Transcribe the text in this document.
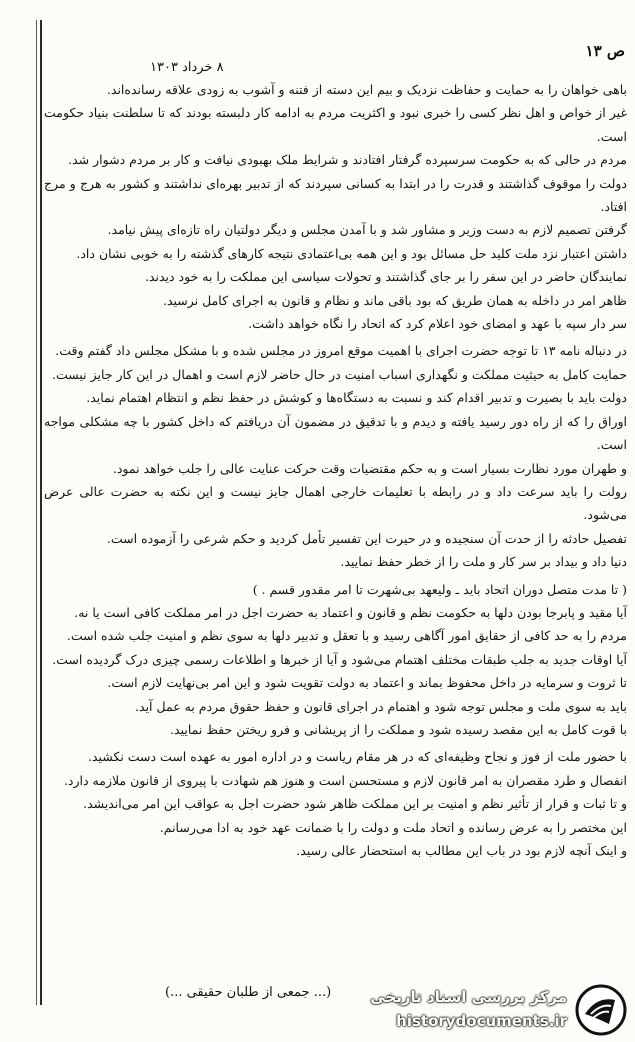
ص ۱۳
۸ خرداد ۱۳۰۳

باهی خواهان را به حمایت و حفاظت نزدیک و بیم این دسته از فتنه و آشوب به زودی علاقه رسانده‌اند.

غیر از خواص و اهل نظر کسی را خبری نبود و اکثریت مردم به ادامه کار دلبسته بودند که تا سلطنت بنیاد حکومت است.

مردم در حالی که به حکومت سرسپرده گرفتار افتادند و شرایط ملک بهبودی نیافت و کار بر مردم دشوار شد.

دولت را موقوف گذاشتند و قدرت را در ابتدا به کسانی سپردند که از تدبیر بهره‌ای نداشتند و کشور به هرج و مرج افتاد.

گرفتن تصمیم لازم به دست وزیر و مشاور شد و با آمدن مجلس و دیگر دولتیان راه تازه‌ای پیش نیامد.

داشتن اعتبار نزد ملت کلید حل مسائل بود و این همه بی‌اعتمادی نتیجه کارهای گذشته را به خوبی نشان داد.

نمایندگان حاضر در این سفر را بر جای گذاشتند و تحولات سیاسی این مملکت را به خود دیدند.

ظاهر امر در داخله به همان طریق که بود باقی ماند و نظام و قانون به اجرای کامل نرسید.

سر دار سپه با عهد و امضای خود اعلام کرد که اتحاد را نگاه خواهد داشت.

در دنباله نامه ۱۳ تا توجه حضرت اجرای با اهمیت موقع امروز در مجلس شده و با مشکل مجلس داد گفتم وقت.

حمایت کامل به حیثیت مملکت و نگهداری اسباب امنیت در حال حاضر لازم است و اهمال در این کار جایز نیست.

دولت باید با بصیرت و تدبیر اقدام کند و نسبت به دستگاه‌ها و کوشش در حفظ نظم و انتظام اهتمام نماید.

اوراق را که از راه دور رسید یافته و دیدم و با تدقیق در مضمون آن دریافتم که داخل کشور با چه مشکلی مواجه است.

و طهران مورد نظارت بسیار است و به حکم مقتضیات وقت حرکت عنایت عالی را جلب خواهد نمود.

رولت را باید سرعت داد و در رابطه با تعلیمات خارجی اهمال جایز نیست و این نکته به حضرت عالی عرض می‌شود.

تفصیل حادثه را از حدت آن سنجیده و در حیرت این تفسیر تأمل کردید و حکم شرعی را آزموده است.

دنیا داد و بیداد بر سر کار و ملت را از خطر حفظ نمایید.

( تا مدت متصل دوران اتحاد باید ـ ولیعهد بی‌شهرت تا امر مقدور قسم . )

آیا مقید و پابرجا بودن دلها به حکومت نظم و قانون و اعتماد به حضرت اجل در امر مملکت کافی است یا نه.

مردم را به حد کافی از حقایق امور آگاهی رسید و با تعقل و تدبیر دلها به سوی نظم و امنیت جلب شده است.

آیا اوقات جدید به جلب طبقات مختلف اهتمام می‌شود و آیا از خبرها و اطلاعات رسمی چیزی درک گردیده است.

تا ثروت و سرمایه در داخل محفوظ بماند و اعتماد به دولت تقویت شود و این امر بی‌نهایت لازم است.

باید به سوی ملت و مجلس توجه شود و اهتمام در اجرای قانون و حفظ حقوق مردم به عمل آید.

با قوت کامل به این مقصد رسیده شود و مملکت را از پریشانی و فرو ریختن حفظ نمایید.

با حضور ملت از فوز و نجاح وظیفه‌ای که در هر مقام ریاست و در اداره امور به عهده است دست نکشید.

انفصال و طرد مقصران به امر قانون لازم و مستحسن است و هنوز هم شهادت با پیروی از قانون ملازمه دارد.

و تا ثبات و قرار از تأثیر نظم و امنیت بر این مملکت ظاهر شود حضرت اجل به عواقب این امر می‌اندیشد.

این مختصر را به عرض رسانده و اتحاد ملت و دولت را با ضمانت عهد خود به ادا می‌رسانم.

و اینک آنچه لازم بود در باب این مطالب به استحضار عالی رسید.

(... جمعی از طلبان حقیقی ...)	مرکز بررسی اسناد تاریخی
historydocuments.ir
